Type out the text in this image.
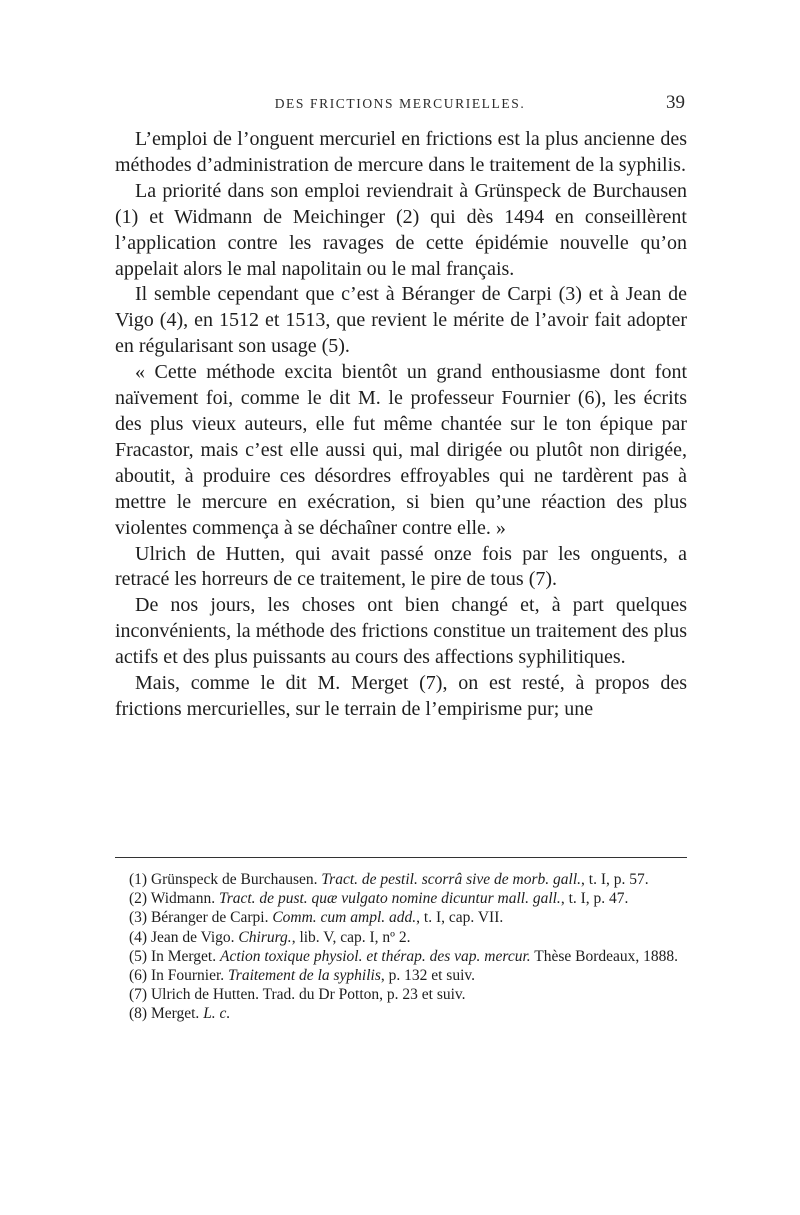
DES FRICTIONS MERCURIELLES.	39

L’emploi de l’onguent mercuriel en frictions est la plus ancienne des méthodes d’administration de mercure dans le traitement de la syphilis.

La priorité dans son emploi reviendrait à Grünspeck de Burchausen (1) et Widmann de Meichinger (2) qui dès 1494 en conseillèrent l’application contre les ravages de cette épidémie nouvelle qu’on appelait alors le mal napolitain ou le mal français.

Il semble cependant que c’est à Béranger de Carpi (3) et à Jean de Vigo (4), en 1512 et 1513, que revient le mérite de l’avoir fait adopter en régularisant son usage (5).

« Cette méthode excita bientôt un grand enthousiasme dont font naïvement foi, comme le dit M. le professeur Fournier (6), les écrits des plus vieux auteurs, elle fut même chantée sur le ton épique par Fracastor, mais c’est elle aussi qui, mal dirigée ou plutôt non dirigée, aboutit, à produire ces désordres effroyables qui ne tardèrent pas à mettre le mercure en exécration, si bien qu’une réaction des plus violentes commença à se déchaîner contre elle. »

Ulrich de Hutten, qui avait passé onze fois par les onguents, a retracé les horreurs de ce traitement, le pire de tous (7).

De nos jours, les choses ont bien changé et, à part quelques inconvénients, la méthode des frictions constitue un traitement des plus actifs et des plus puissants au cours des affections syphilitiques.

Mais, comme le dit M. Merget (7), on est resté, à propos des frictions mercurielles, sur le terrain de l’empirisme pur; une

(1) Grünspeck de Burchausen. Tract. de pestil. scorrâ sive de morb. gall., t. I, p. 57.

(2) Widmann. Tract. de pust. quæ vulgato nomine dicuntur mall. gall., t. I, p. 47.

(3) Béranger de Carpi. Comm. cum ampl. add., t. I, cap. VII.

(4) Jean de Vigo. Chirurg., lib. V, cap. I, nº 2.

(5) In Merget. Action toxique physiol. et thérap. des vap. mercur. Thèse Bordeaux, 1888.

(6) In Fournier. Traitement de la syphilis, p. 132 et suiv.

(7) Ulrich de Hutten. Trad. du Dr Potton, p. 23 et suiv.

(8) Merget. L. c.
